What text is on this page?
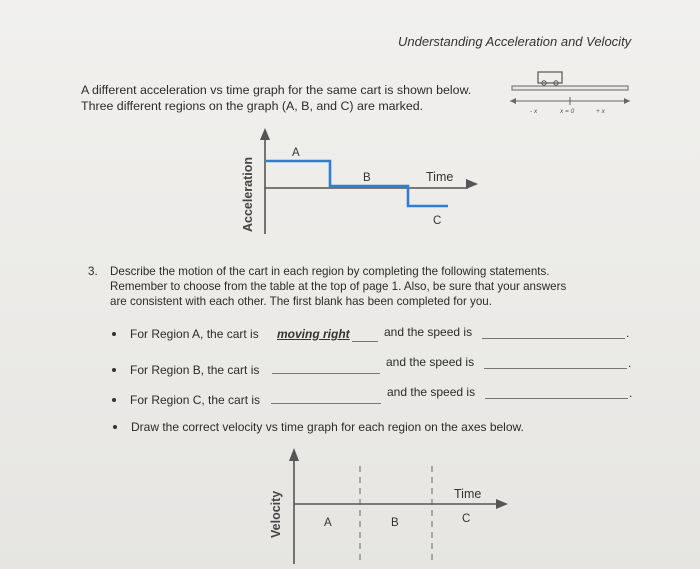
Understanding Acceleration and Velocity
A different acceleration vs time graph for the same cart is shown below.
Three different regions on the graph (A, B, and C) are marked.	- x	x = 0	+ x
Acceleration
A
B	Time
C
3. Describe the motion of the cart in each region by completing the following statements.
Remember to choose from the table at the top of page 1. Also, be sure that your answers
are consistent with each other. The first blank has been completed for you.
For Region A, the cart is moving right	and the speed is	.
For Region B, the cart is
and the speed is	.
For Region C, the cart is
and the speed is	.
Draw the correct velocity vs time graph for each region on the axes below.
Velocity	A	B
Time
C
